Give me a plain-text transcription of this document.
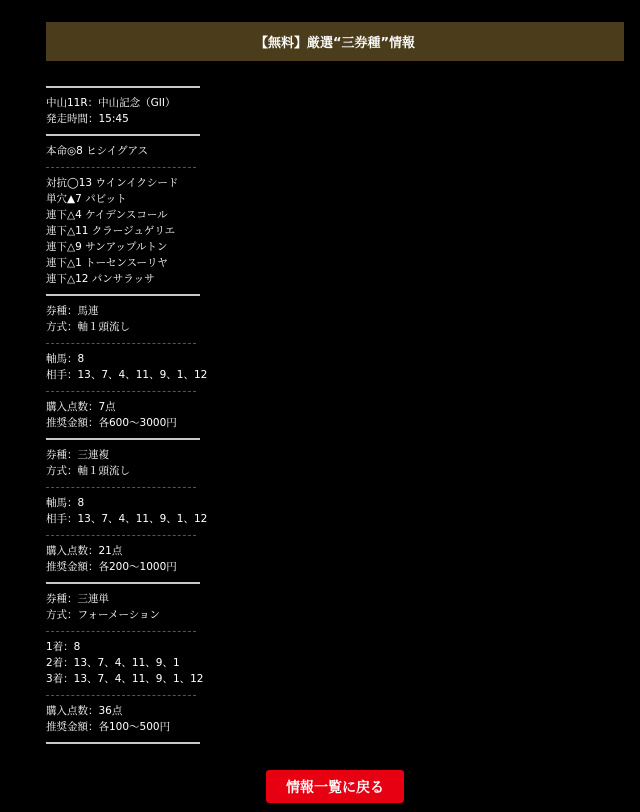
【無料】厳選“三券種”情報
中山11R：中山記念（GII）
発走時間：15:45
本命◎8 ヒシイグアス
対抗◯13 ウインイクシード
単穴▲7 パビット
連下△4 ケイデンスコール
連下△11 クラージュゲリエ
連下△9 サンアップルトン
連下△1 トーセンスーリヤ
連下△12 パンサラッサ
券種：馬連
方式：軸１頭流し
軸馬：8
相手：13、7、4、11、9、1、12
購入点数：7点
推奨金額：各600〜3000円
券種：三連複
方式：軸１頭流し
軸馬：8
相手：13、7、4、11、9、1、12
購入点数：21点
推奨金額：各200〜1000円
券種：三連単
方式：フォーメーション
1着：8
2着：13、7、4、11、9、1
3着：13、7、4、11、9、1、12
購入点数：36点
推奨金額：各100〜500円
情報一覧に戻る
